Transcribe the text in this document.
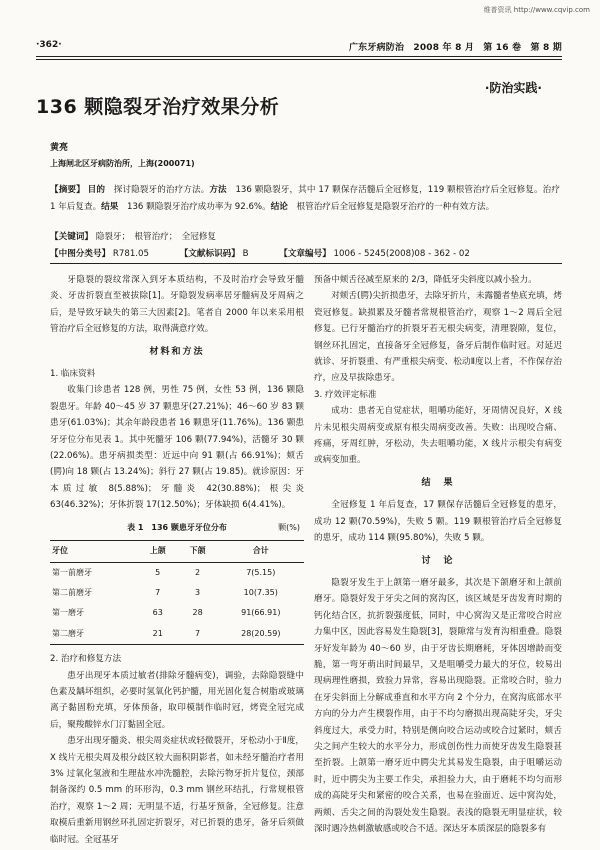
维普资讯 http://www.cqvip.com
·362·	广东牙病防治　2008 年 8 月　第 16 卷　第 8 期
·防治实践·
136 颗隐裂牙治疗效果分析
黄亮
上海闸北区牙病防治所，上海(200071)
【摘要】 目的　 探讨隐裂牙的治疗方法。方法　 136 颗隐裂牙，其中 17 颗保存活髓后全冠修复，119 颗根管治疗后全冠修复。治疗 1 年后复查。结果　 136 颗隐裂牙治疗成功率为 92.6%。结论　 根管治疗后全冠修复是隐裂牙治疗的一种有效方法。
【关键词】 隐裂牙；　根管治疗；　全冠修复
【中图分类号】 R781.05	【文献标识码】 B	【文章编号】 1006 - 5245(2008)08 - 362 - 02

牙隐裂的裂纹常深入到牙本质结构，不及时治疗会导致牙髓炎、牙齿折裂直至被拔除[1]。牙隐裂发病率居牙髓病及牙周病之后，是导致牙缺失的第三大因素[2]。笔者自 2000 年以来采用根管治疗后全冠修复的方法，取得满意疗效。

材料和方法

1. 临床资料

收集门诊患者 128 例，男性 75 例，女性 53 例，136 颗隐裂患牙。年龄 40～45 岁 37 颗患牙(27.21%)；46～60 岁 83 颗患牙(61.03%)；其余年龄段患者 16 颗患牙(11.76%)。136 颗患牙牙位分布见表 1。其中死髓牙 106 颗(77.94%)，活髓牙 30 颗(22.06%)。患牙病损类型：近远中向 91 颗(占 66.91%)；颊舌(腭)向 18 颗(占 13.24%)；斜行 27 颗(占 19.85)。就诊原因：牙本质过敏 8(5.88%)；牙髓炎 42(30.88%)；根尖炎 63(46.32%)；牙体折裂 17(12.50%)；牙体缺损 6(4.41%)。

表 1　136 颗患牙牙位分布	颗(%)
牙位	上颌	下颌	合计
第一前磨牙	5	2	7(5.15)
第二前磨牙	7	3	10(7.35)
第一磨牙	63	28	91(66.91)
第二磨牙	21	7	28(20.59)

2. 治疗和修复方法

患牙出现牙本质过敏者(排除牙髓病变)，调验，去除隐裂缝中色素及龋坏组织，必要时氢氧化钙护髓，用光固化复合树脂或玻璃离子黏固粉充填，牙体预备，取印模制作临时冠，烤瓷全冠完成后，聚羧酸锌水门汀黏固全冠。

患牙出现牙髓炎、根尖周炎症状或轻微裂开，牙松动小于Ⅱ度，X 线片无根尖周及根分歧区较大面积阴影者，如未经牙髓治疗者用 3% 过氧化氢液和生理盐水冲洗髓腔，去除污物牙折片复位，颈部制备深约 0.5 mm 的环形沟，0.3 mm 钢丝环结扎，行常规根管治疗，观察 1～2 周；无明显不适，行基牙预备，全冠修复。注意取模后重新用钢丝环扎固定折裂牙，对已折裂的患牙，备牙后须做临时冠。全冠基牙

预备中颊舌径减至原来的 2/3，降低牙尖斜度以减小验力。

对颊舌(腭)尖折损患牙，去除牙折片，未露髓者垫底充填，烤瓷冠修复。缺损累及牙髓者常规根管治疗，观察 1～2 周后全冠修复。已行牙髓治疗的折裂牙若无根尖病变，清理裂隙，复位，钢丝环扎固定，直接备牙全冠修复，备牙后制作临时冠。对延迟就诊、牙折裂重、有严重根尖病变、松动Ⅱ度以上者，不作保存治疗，应及早拔除患牙。

3. 疗效评定标准

成功：患者无自觉症状，咀嚼功能好，牙周情况良好，X 线片未见根尖周病变或原有根尖周病变改善。失败：出现咬合痛、疼痛，牙周红肿，牙松动，失去咀嚼功能，X 线片示根尖有病变或病变加重。

结　果

全冠修复 1 年后复查，17 颗保存活髓后全冠修复的患牙，成功 12 颗(70.59%)，失败 5 颗。119 颗根管治疗后全冠修复的患牙，成功 114 颗(95.80%)，失败 5 颗。

讨　论

隐裂牙发生于上颌第一磨牙最多，其次是下颌磨牙和上颌前磨牙。隐裂好发于牙尖之间的窝沟区，该区域是牙齿发育时期的钙化结合区，抗折裂强度低，同时，中心窝沟又是正常咬合时应力集中区，因此容易发生隐裂[3]，裂隙常与发育沟相重叠。隐裂牙好发年龄为 40～60 岁，由于牙齿长期磨耗，牙体因增龄而变脆，第一弯牙萌出时间最早，又是咀嚼受力最大的牙位，较易出现病理性磨损，致验力异常，容易出现隐裂。正常咬合时，验力在牙尖斜面上分解成垂直和水平方向 2 个分力，在窝沟底部水平方向的分力产生楔裂作用，由于不均匀磨损出现高陡牙尖，牙尖斜度过大，承受力时，特别是侧向咬合运动或咬合过紧时，颊舌尖之间产生较大的水平分力，形成创伤性力而使牙齿发生隐裂甚至折裂。上颌第一磨牙近中腭尖尤其易发生隐裂，由于咀嚼运动时，近中腭尖为主要工作尖，承担验力大，由于磨耗不均匀而形成的高陡牙尖和紧密的咬合关系，也易在验面近、远中窝沟处，两颊、舌尖之间的沟裂处发生隐裂。表浅的隐裂无明显症状，较深时遇冷热刺激敏感或咬合不适。深达牙本质深层的隐裂多有
